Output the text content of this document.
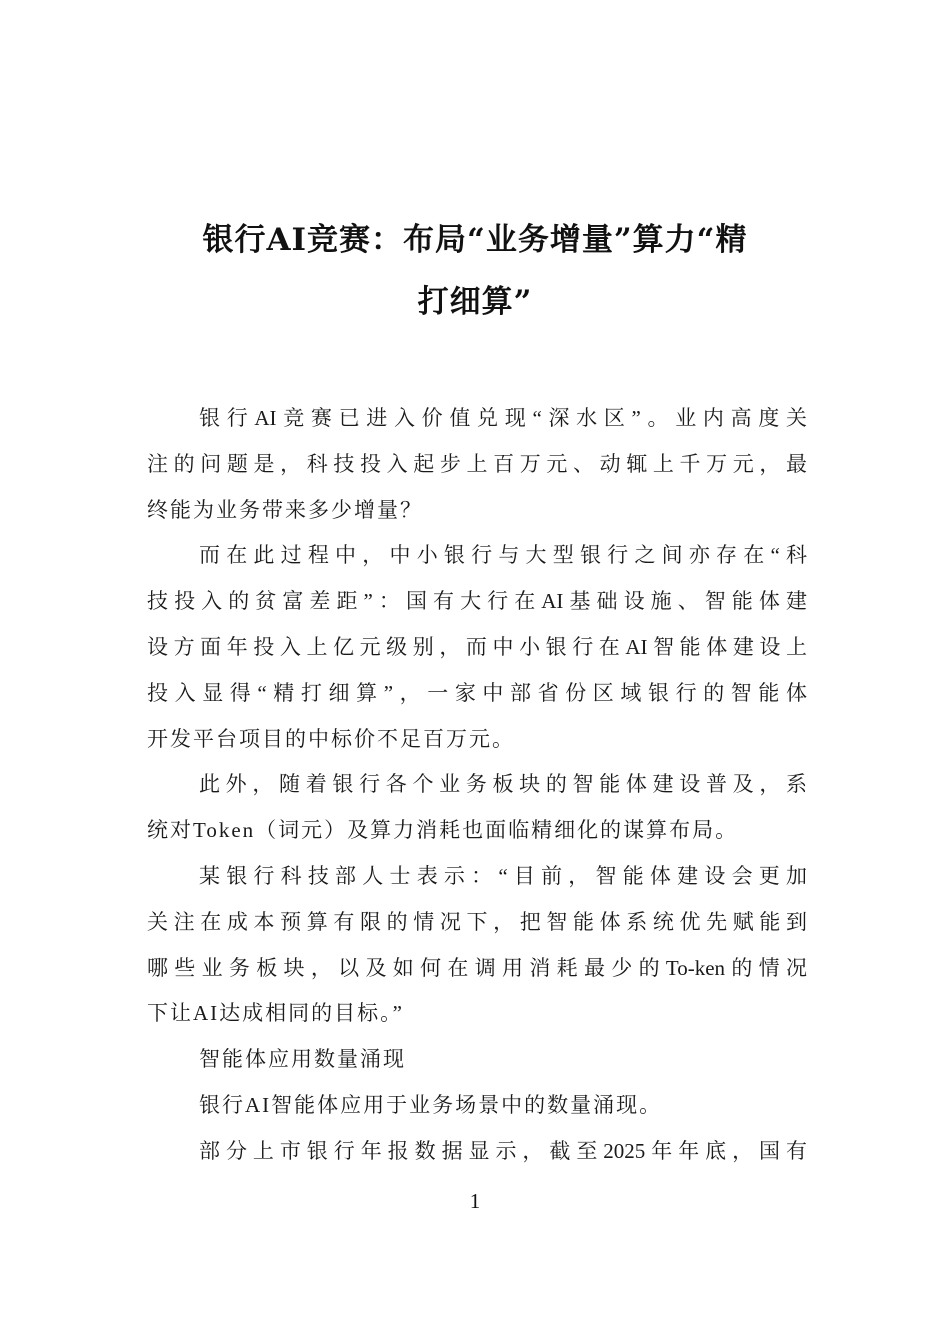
银行AI竞赛：布局“业务增量”算力“精
打细算”

银行AI竞赛已进入价值兑现“深水区”。业内高度关
注的问题是，科技投入起步上百万元、动辄上千万元，最
终能为业务带来多少增量？

而在此过程中，中小银行与大型银行之间亦存在“科
技投入的贫富差距”：国有大行在AI基础设施、智能体建
设方面年投入上亿元级别，而中小银行在AI智能体建设上
投入显得“精打细算”，一家中部省份区域银行的智能体
开发平台项目的中标价不足百万元。

此外，随着银行各个业务板块的智能体建设普及，系
统对Token（词元）及算力消耗也面临精细化的谋算布局。

某银行科技部人士表示：“目前，智能体建设会更加
关注在成本预算有限的情况下，把智能体系统优先赋能到
哪些业务板块，以及如何在调用消耗最少的To-ken的情况
下让AI达成相同的目标。”

智能体应用数量涌现

银行AI智能体应用于业务场景中的数量涌现。

部分上市银行年报数据显示，截至2025年年底，国有

1
